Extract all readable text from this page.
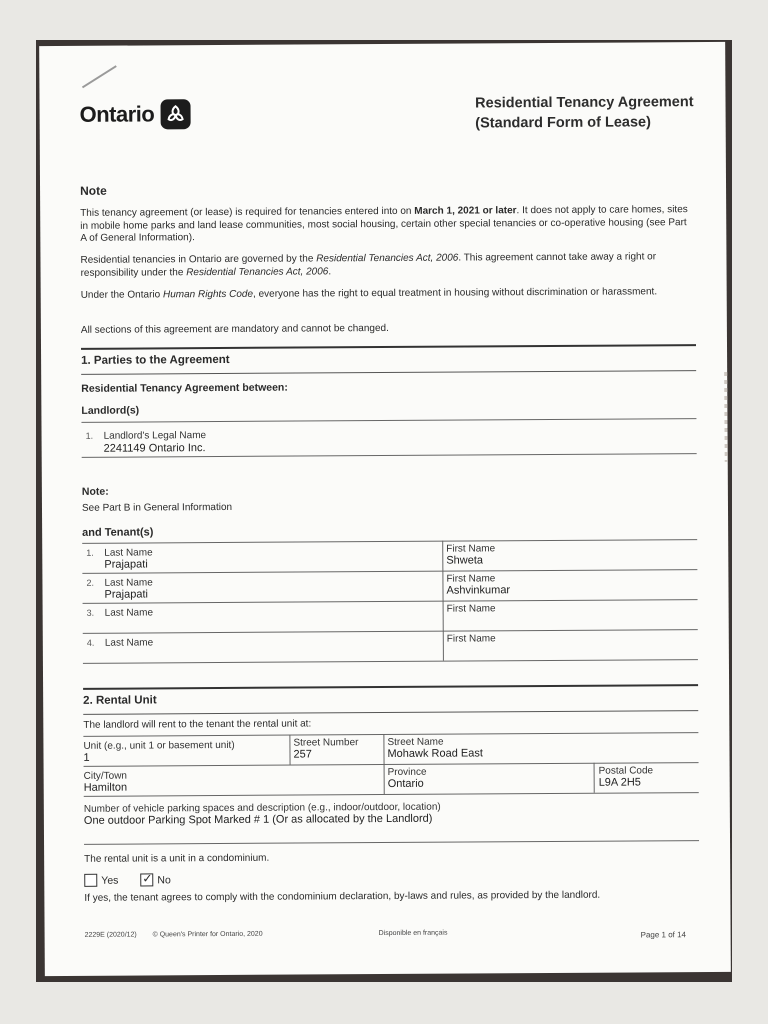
Ontario	Residential Tenancy Agreement
(Standard Form of Lease)
Note
This tenancy agreement (or lease) is required for tenancies entered into on March 1, 2021 or later. It does not apply to care homes, sites in mobile home parks and land lease communities, most social housing, certain other special tenancies or co-operative housing (see Part A of General Information).
Residential tenancies in Ontario are governed by the Residential Tenancies Act, 2006. This agreement cannot take away a right or responsibility under the Residential Tenancies Act, 2006.
Under the Ontario Human Rights Code, everyone has the right to equal treatment in housing without discrimination or harassment.
All sections of this agreement are mandatory and cannot be changed.
1. Parties to the Agreement
Residential Tenancy Agreement between:
Landlord(s)
1. Landlord's Legal Name
2241149 Ontario Inc.
Note:
See Part B in General Information
and Tenant(s)
1. Last Name
Prajapati
First Name
Shweta
2. Last Name
Prajapati
First Name
Ashvinkumar
3. Last Name	First Name
4. Last Name	First Name
2. Rental Unit
The landlord will rent to the tenant the rental unit at:
Unit (e.g., unit 1 or basement unit)
1
Street Number
257
Street Name
Mohawk Road East
City/Town
Hamilton
Province
Ontario
Postal Code
L9A 2H5
Number of vehicle parking spaces and description (e.g., indoor/outdoor, location)
One outdoor Parking Spot Marked # 1 (Or as allocated by the Landlord)
The rental unit is a unit in a condominium.
Yes ✓ No
If yes, the tenant agrees to comply with the condominium declaration, by-laws and rules, as provided by the landlord.
2229E (2020/12) © Queen's Printer for Ontario, 2020	Disponible en français	Page 1 of 14
